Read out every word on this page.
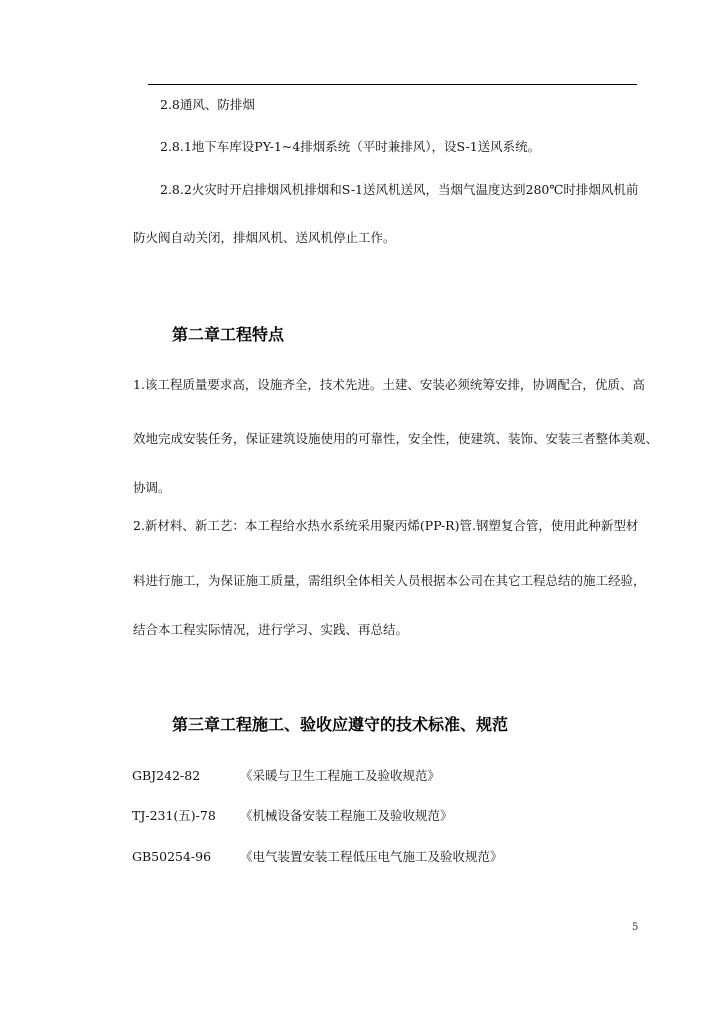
2.8通风、防排烟
2.8.1地下车库设PY-1~4排烟系统（平时兼排风），设S-1送风系统。
2.8.2火灾时开启排烟风机排烟和S-1送风机送风，当烟气温度达到280℃时排烟风机前
防火阀自动关闭，排烟风机、送风机停止工作。
第二章工程特点
1.该工程质量要求高，设施齐全，技术先进。土建、安装必须统筹安排，协调配合，优质、高
效地完成安装任务，保证建筑设施使用的可靠性，安全性，使建筑、装饰、安装三者整体美观、
协调。
2.新材料、新工艺：本工程给水热水系统采用聚丙烯(PP-R)管.钢塑复合管，使用此种新型材
料进行施工，为保证施工质量，需组织全体相关人员根据本公司在其它工程总结的施工经验，
结合本工程实际情况，进行学习、实践、再总结。
第三章工程施工、验收应遵守的技术标准、规范
GBJ242-82	《采暖与卫生工程施工及验收规范》
TJ-231(五)-78 《机械设备安装工程施工及验收规范》
GB50254-96 《电气装置安装工程低压电气施工及验收规范》
5
